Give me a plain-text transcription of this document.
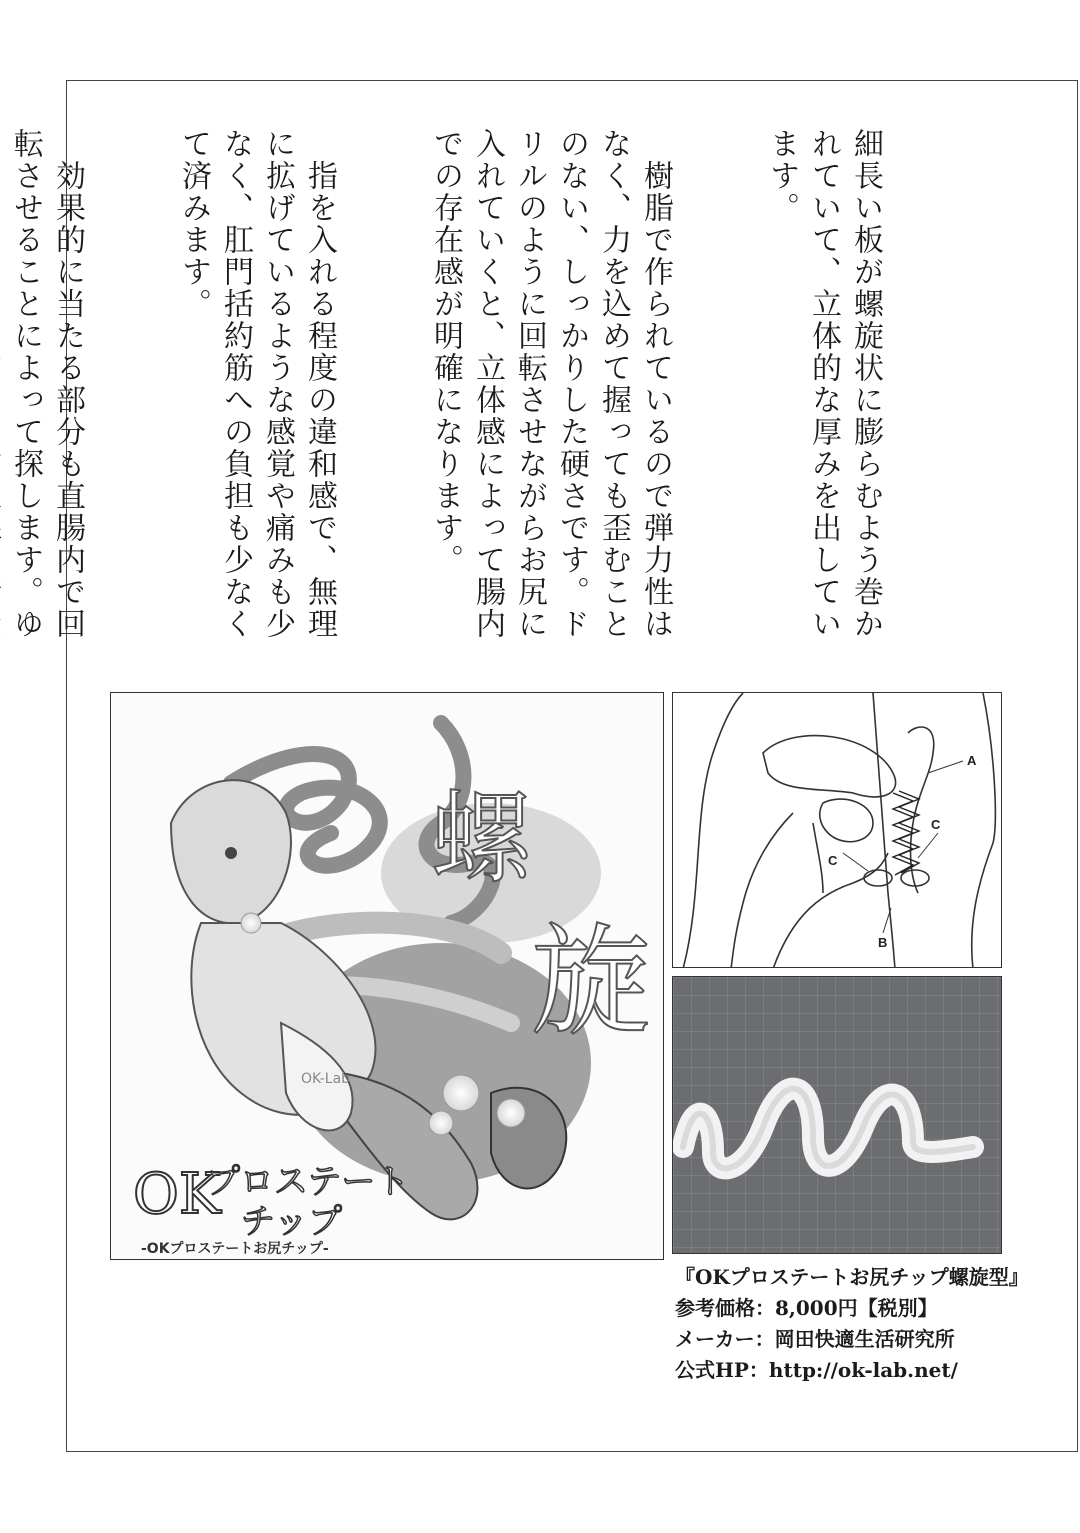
細長い板が螺旋状に膨らむよう巻かれていて、立体的な厚みを出しています。

　樹脂で作られているので弾力性はなく、力を込めて握っても歪むことのない、しっかりした硬さです。ドリルのように回転させながらお尻に入れていくと、立体感によって腸内での存在感が明確になります。

　指を入れる程度の違和感で、無理に拡げているような感覚や痛みも少なく、肛門括約筋への負担も少なくて済みます。

　効果的に当たる部分も直腸内で回転させることによって探します。ゆ

螺
旋
OK-Lab
OK
プロステート
チップ
-OKプロステートお尻チップ-
A
C
C
B
『OKプロステートお尻チップ螺旋型』
参考価格：8,000円【税別】
メーカー：岡田快適生活研究所
公式HP：http://ok-lab.net/
